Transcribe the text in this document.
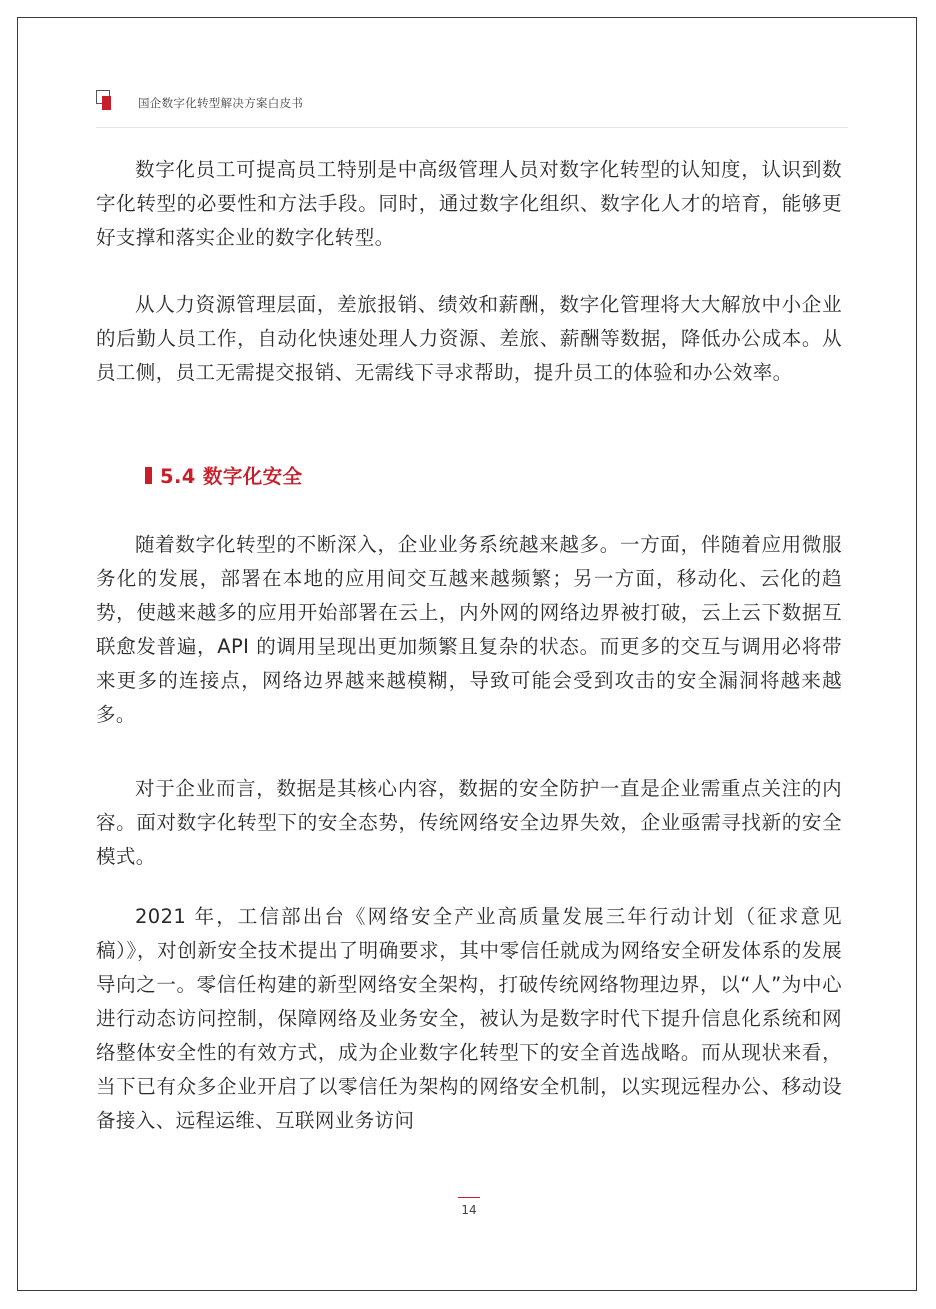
国企数字化转型解决方案白皮书

数字化员工可提高员工特别是中高级管理人员对数字化转型的认知度，认识到数字化转型的必要性和方法手段。同时，通过数字化组织、数字化人才的培育，能够更好支撑和落实企业的数字化转型。

从人力资源管理层面，差旅报销、绩效和薪酬，数字化管理将大大解放中小企业的后勤人员工作，自动化快速处理人力资源、差旅、薪酬等数据，降低办公成本。从员工侧，员工无需提交报销、无需线下寻求帮助，提升员工的体验和办公效率。

5.4 数字化安全

随着数字化转型的不断深入，企业业务系统越来越多。一方面，伴随着应用微服务化的发展，部署在本地的应用间交互越来越频繁；另一方面，移动化、云化的趋势，使越来越多的应用开始部署在云上，内外网的网络边界被打破，云上云下数据互联愈发普遍，API 的调用呈现出更加频繁且复杂的状态。而更多的交互与调用必将带来更多的连接点，网络边界越来越模糊，导致可能会受到攻击的安全漏洞将越来越多。

对于企业而言，数据是其核心内容，数据的安全防护一直是企业需重点关注的内容。面对数字化转型下的安全态势，传统网络安全边界失效，企业亟需寻找新的安全模式。

2021 年，工信部出台《网络安全产业高质量发展三年行动计划（征求意见稿）》，对创新安全技术提出了明确要求，其中零信任就成为网络安全研发体系的发展导向之一。零信任构建的新型网络安全架构，打破传统网络物理边界，以“人”为中心进行动态访问控制，保障网络及业务安全，被认为是数字时代下提升信息化系统和网络整体安全性的有效方式，成为企业数字化转型下的安全首选战略。而从现状来看，当下已有众多企业开启了以零信任为架构的网络安全机制，以实现远程办公、移动设备接入、远程运维、互联网业务访问

14
